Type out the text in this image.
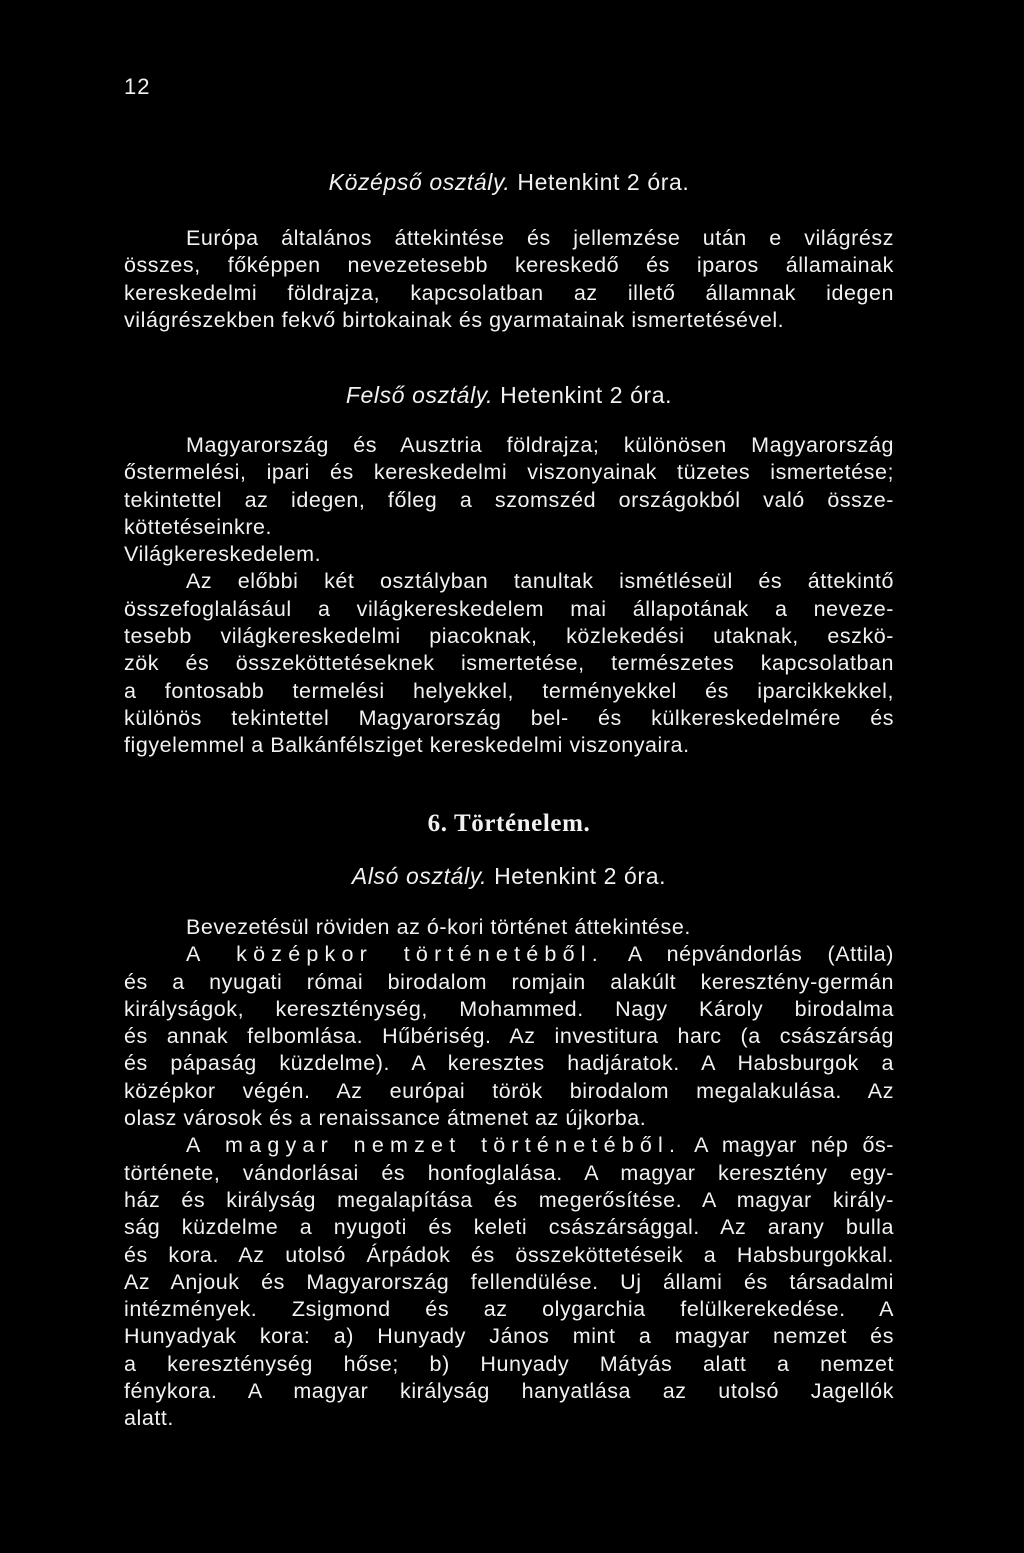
12
Középső osztály. Hetenkint 2 óra.
Európa általános áttekintése és jellemzése után e világrész
összes, főképpen nevezetesebb kereskedő és iparos államainak
kereskedelmi földrajza, kapcsolatban az illető államnak idegen
világrészekben fekvő birtokainak és gyarmatainak ismertetésével.
Felső osztály. Hetenkint 2 óra.
Magyarország és Ausztria földrajza; különösen Magyarország
őstermelési, ipari és kereskedelmi viszonyainak tüzetes ismertetése;
tekintettel az idegen, főleg a szomszéd országokból való össze-
köttetéseinkre.
Világkereskedelem.
Az előbbi két osztályban tanultak ismétléseül és áttekintő
összefoglalásául a világkereskedelem mai állapotának a neveze-
tesebb világkereskedelmi piacoknak, közlekedési utaknak, eszkö-
zök és összeköttetéseknek ismertetése, természetes kapcsolatban
a fontosabb termelési helyekkel, terményekkel és iparcikkekkel,
különös tekintettel Magyarország bel- és külkereskedelmére és
figyelemmel a Balkánfélsziget kereskedelmi viszonyaira.
6. Történelem.
Alsó osztály. Hetenkint 2 óra.
Bevezetésül röviden az ó-kori történet áttekintése.
A középkor történetéből. A népvándorlás (Attila)
és a nyugati római birodalom romjain alakúlt keresztény-germán
királyságok, kereszténység, Mohammed. Nagy Károly birodalma
és annak felbomlása. Hűbériség. Az investitura harc (a császárság
és pápaság küzdelme). A keresztes hadjáratok. A Habsburgok a
középkor végén. Az európai török birodalom megalakulása. Az
olasz városok és a renaissance átmenet az újkorba.
A magyar nemzet történetéből. A magyar nép ős-
története, vándorlásai és honfoglalása. A magyar keresztény egy-
ház és királyság megalapítása és megerősítése. A magyar király-
ság küzdelme a nyugoti és keleti császársággal. Az arany bulla
és kora. Az utolsó Árpádok és összeköttetéseik a Habsburgokkal.
Az Anjouk és Magyarország fellendülése. Uj állami és társadalmi
intézmények. Zsigmond és az olygarchia felülkerekedése. A
Hunyadyak kora: a) Hunyady János mint a magyar nemzet és
a kereszténység hőse; b) Hunyady Mátyás alatt a nemzet
fénykora. A magyar királyság hanyatlása az utolsó Jagellók
alatt.
